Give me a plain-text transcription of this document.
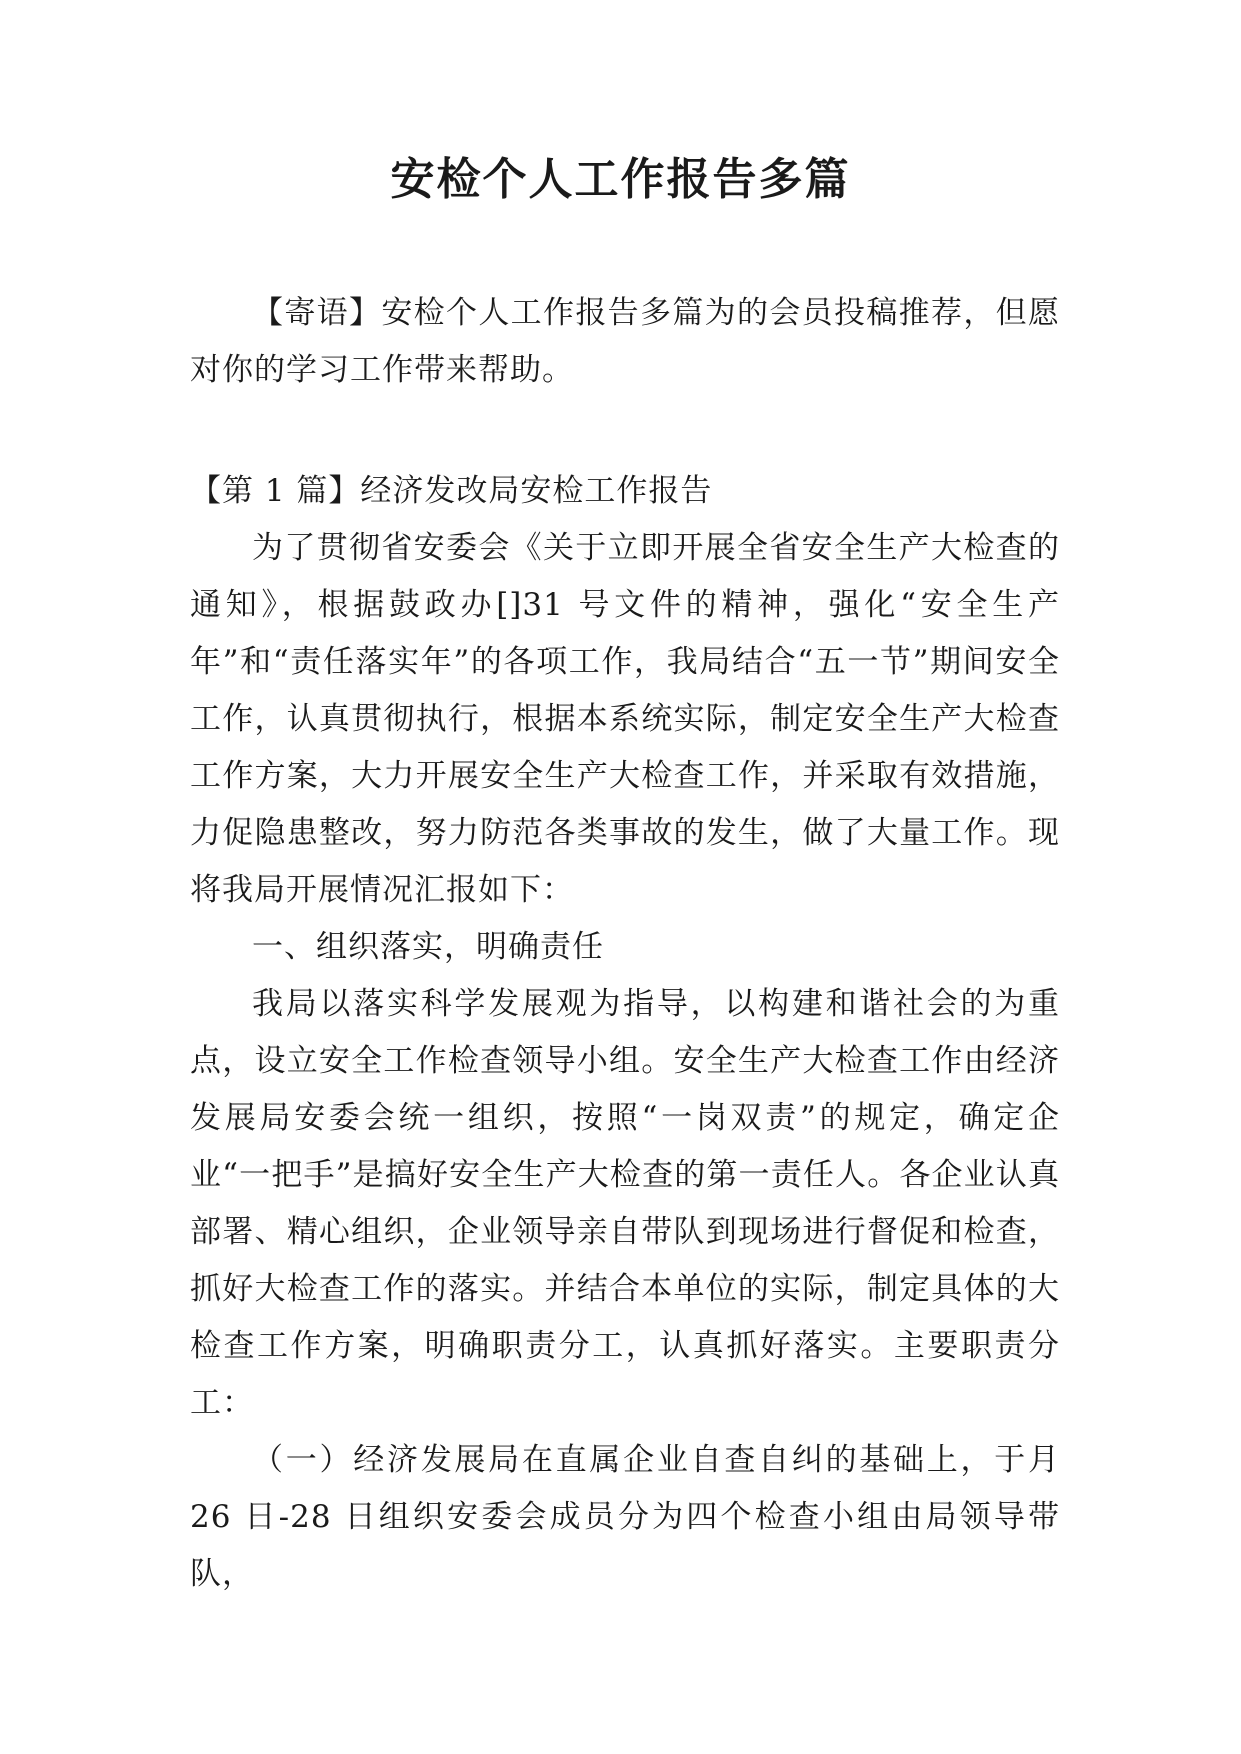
安检个人工作报告多篇

【寄语】安检个人工作报告多篇为的会员投稿推荐，但愿对你的学习工作带来帮助。

【第 1 篇】经济发改局安检工作报告

为了贯彻省安委会《关于立即开展全省安全生产大检查的通知》，根据鼓政办[]31 号文件的精神，强化“安全生产年”和“责任落实年”的各项工作，我局结合“五一节”期间安全工作，认真贯彻执行，根据本系统实际，制定安全生产大检查工作方案，大力开展安全生产大检查工作，并采取有效措施，力促隐患整改，努力防范各类事故的发生，做了大量工作。现将我局开展情况汇报如下：

一、组织落实，明确责任

我局以落实科学发展观为指导，以构建和谐社会的为重点，设立安全工作检查领导小组。安全生产大检查工作由经济发展局安委会统一组织，按照“一岗双责”的规定，确定企业“一把手”是搞好安全生产大检查的第一责任人。各企业认真部署、精心组织，企业领导亲自带队到现场进行督促和检查，抓好大检查工作的落实。并结合本单位的实际，制定具体的大检查工作方案，明确职责分工，认真抓好落实。主要职责分工：

（一）经济发展局在直属企业自查自纠的基础上，于月 26 日-28 日组织安委会成员分为四个检查小组由局领导带队，
